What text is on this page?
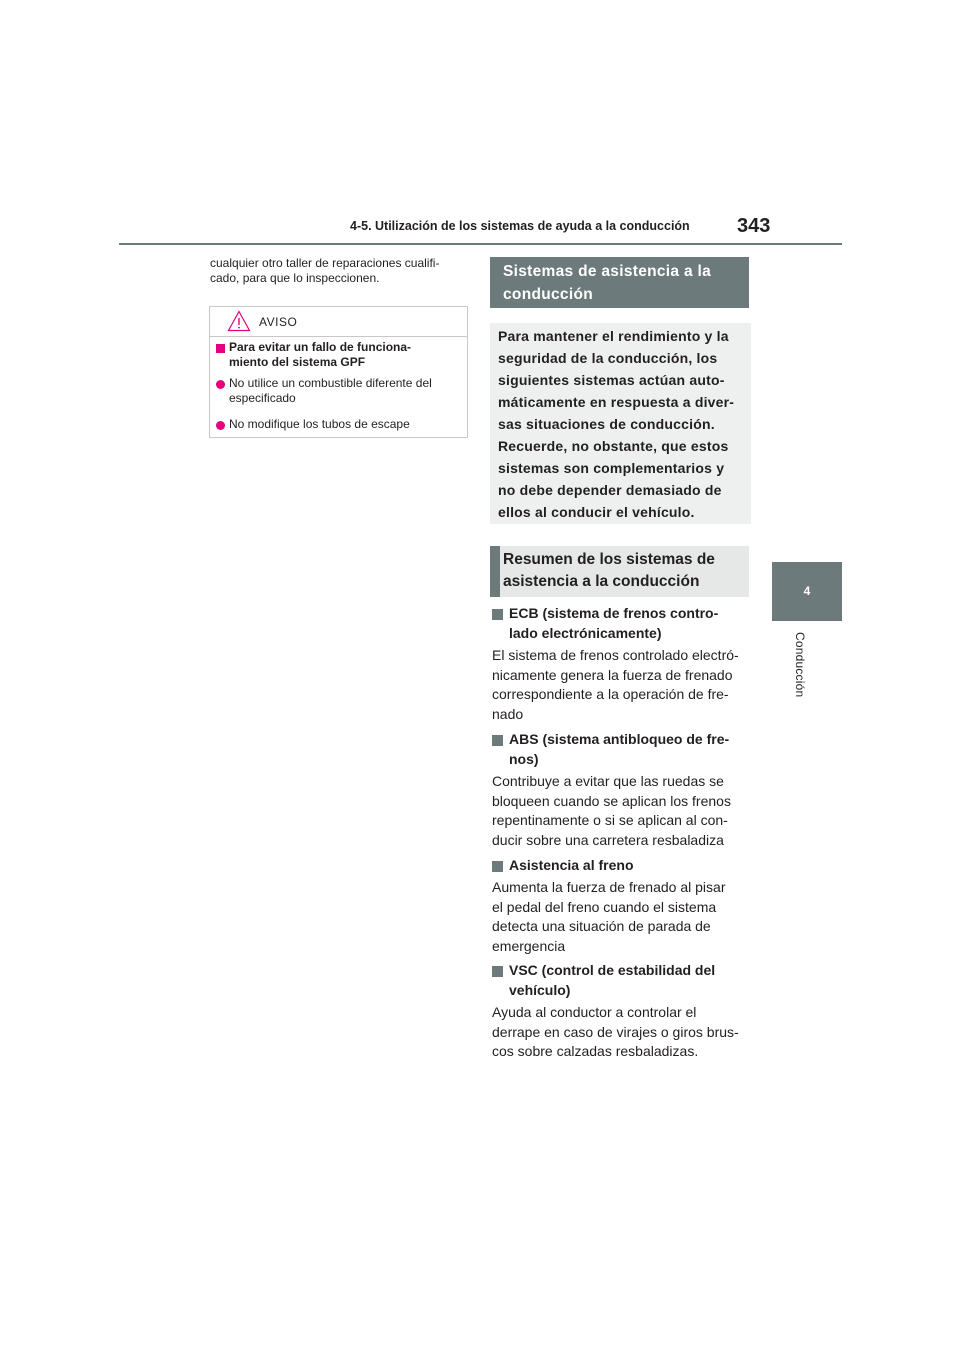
4-5. Utilización de los sistemas de ayuda a la conducción 343
4
Conducción
cualquier otro taller de reparaciones cualifi-
cado, para que lo inspeccionen.
AVISO
Para evitar un fallo de funciona-
miento del sistema GPF
No utilice un combustible diferente del
especificado
No modifique los tubos de escape
Sistemas de asistencia a la
conducción
Para mantener el rendimiento y la
seguridad de la conducción, los
siguientes sistemas actúan auto-
máticamente en respuesta a diver-
sas situaciones de conducción.
Recuerde, no obstante, que estos
sistemas son complementarios y
no debe depender demasiado de
ellos al conducir el vehículo.
Resumen de los sistemas de
asistencia a la conducción
ECB (sistema de frenos contro-
lado electrónicamente)
El sistema de frenos controlado electró-
nicamente genera la fuerza de frenado
correspondiente a la operación de fre-
nado
ABS (sistema antibloqueo de fre-
nos)
Contribuye a evitar que las ruedas se
bloqueen cuando se aplican los frenos
repentinamente o si se aplican al con-
ducir sobre una carretera resbaladiza
Asistencia al freno
Aumenta la fuerza de frenado al pisar
el pedal del freno cuando el sistema
detecta una situación de parada de
emergencia
VSC (control de estabilidad del
vehículo)
Ayuda al conductor a controlar el
derrape en caso de virajes o giros brus-
cos sobre calzadas resbaladizas.
